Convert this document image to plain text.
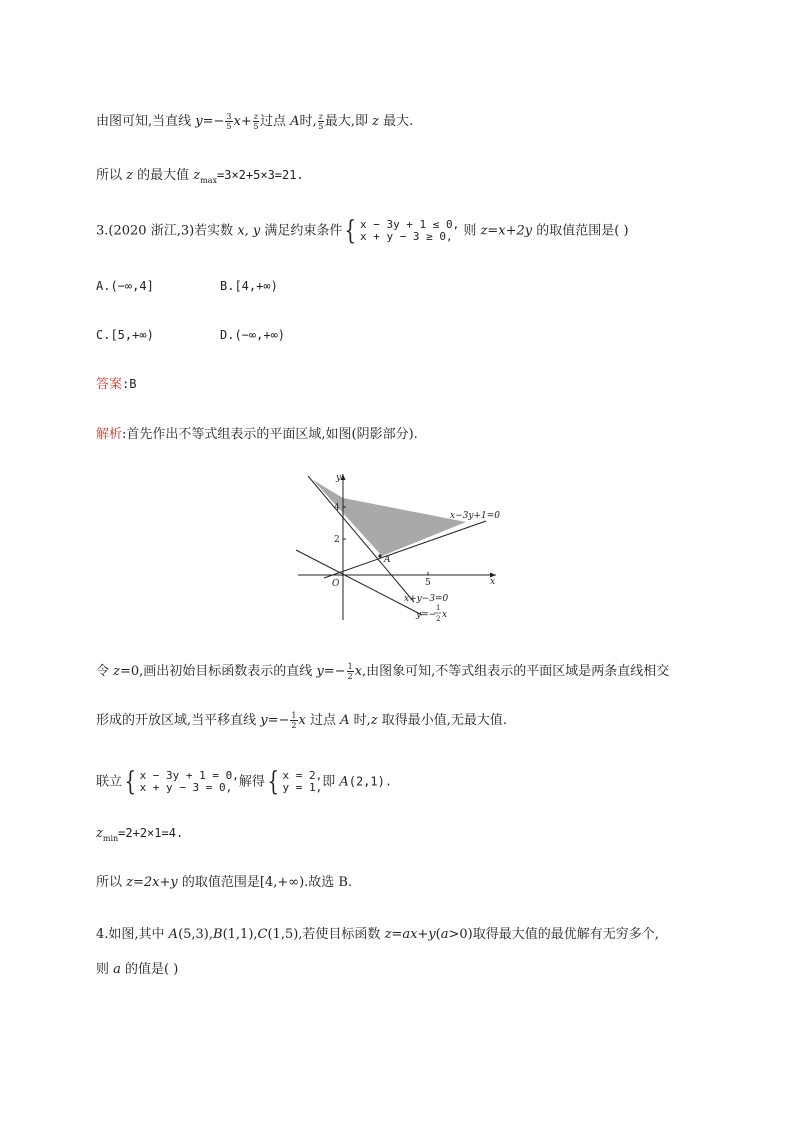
由图可知,当直线 $y=- \frac{3}{5} x+ \frac{z}{5}$ 过点 A时, $\frac{z}{5}$ 最大,即 z 最大.
所以 z 的最大值 $z_{max}=3\times 2+5\times 3=21$.
3.(2020 浙江,3)若实数 x, y 满足约束条件 { x − 3y + 1 ≤ 0,
x + y − 3 ≥ 0, 则 z=x+2y 的取值范围是( )
A.(−∞,4]	B.[4,+∞)
C.[5,+∞)	D.(−∞,+∞)
答案:B
解析:首先作出不等式组表示的平面区域,如图(阴影部分).
y
x
O	5
2
4
A
x−3y+1=0
x+y−3=0
y=−
1
2 x
令 z=0,画出初始目标函数表示的直线 $y=- \frac{1}{2} x$,由图象可知,不等式组表示的平面区域是两条直线相交
形成的开放区域,当平移直线 $y=- \frac{1}{2}$ x 过点 A 时,z 取得最小值,无最大值.
联立 { x − 3y + 1 = 0,
x + y − 3 = 0, 解得 { x = 2,
y = 1, 即 A(2,1).
$z_{min}=2+2\times 1=4$.
所以 z=2x+y 的取值范围是[4,+∞).故选 B.
4.如图,其中 A(5,3),B(1,1),C(1,5),若使目标函数 z=ax+y(a>0)取得最大值的最优解有无穷多个,
则 a 的值是( )
